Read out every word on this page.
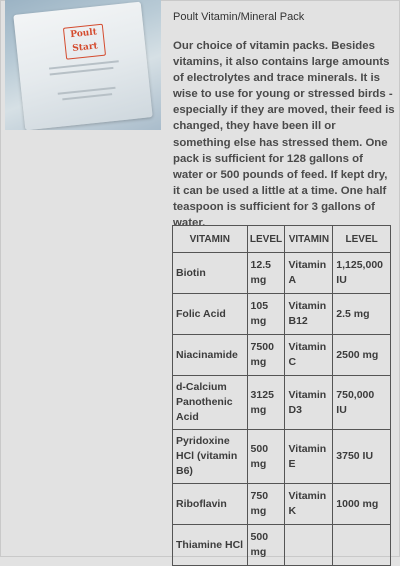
Poult Start
Poult Vitamin/Mineral Pack
Our choice of vitamin packs. Besides vitamins, it also contains large amounts of electrolytes and trace minerals. It is wise to use for young or stressed birds - especially if they are moved, their feed is changed, they have been ill or something else has stressed them. One pack is sufficient for 128 gallons of water or 500 pounds of feed. If kept dry, it can be used a little at a time. One half teaspoon is sufficient for 3 gallons of water.
VITAMIN	LEVEL	VITAMIN	LEVEL
Biotin	12.5 mg	Vitamin A	1,125,000 IU
Folic Acid	105 mg	Vitamin B12	2.5 mg
Niacinamide	7500 mg	Vitamin C	2500 mg
d-Calcium Panothenic Acid	3125 mg	Vitamin D3	750,000 IU
Pyridoxine HCl (vitamin B6)	500 mg	Vitamin E	3750 IU
Riboflavin	750 mg	Vitamin K	1000 mg
Thiamine HCl	500 mg		
